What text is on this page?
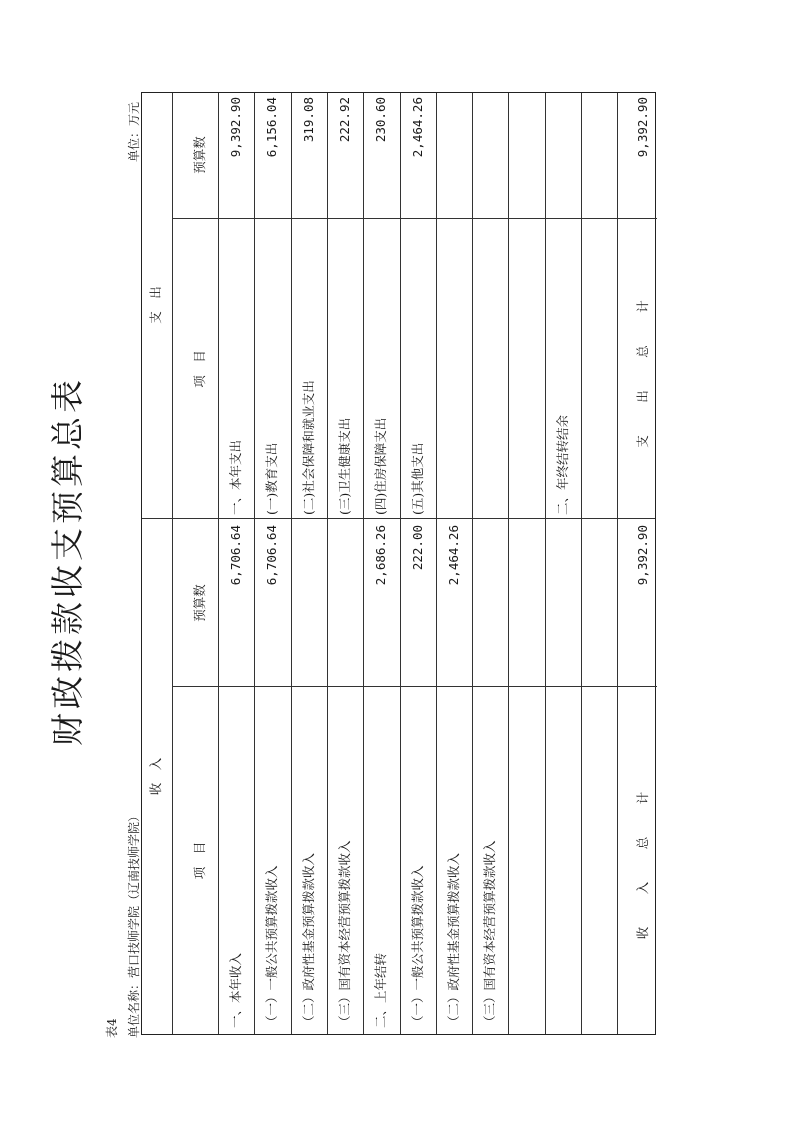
财政拨款收支预算总表
表4 单位名称：营口技师学院（辽南技师学院）
单位：万元
收　入
支　出
项　目
预算数
项　目
预算数
收　入　总　计
9,392.90
支　出　总　计
9,392.90
一、本年收入
6,706.64
一、本年支出
9,392.90
（一）一般公共预算拨款收入
6,706.64
(一)教育支出
6,156.04
（二）政府性基金预算拨款收入
(二)社会保障和就业支出
319.08
（三）国有资本经营预算拨款收入
(三)卫生健康支出
222.92
二、上年结转
2,686.26
(四)住房保障支出
230.60
（一）一般公共预算拨款收入
222.00
(五)其他支出
2,464.26
（二）政府性基金预算拨款收入
2,464.26
（三）国有资本经营预算拨款收入
二、年终结转结余
